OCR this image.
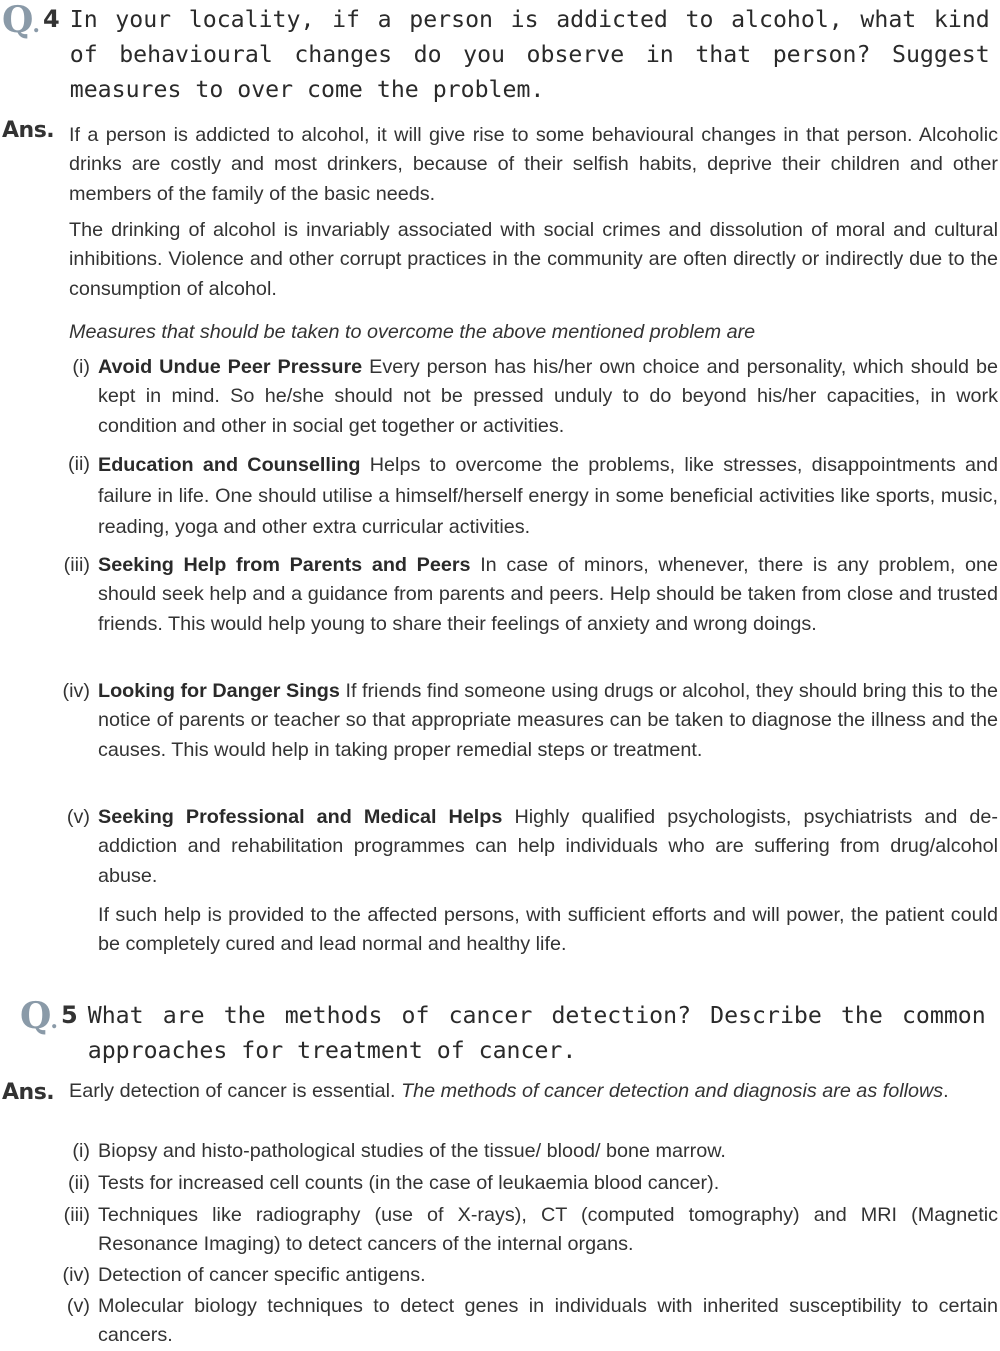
Q. 4 In your locality, if a person is addicted to alcohol, what kind of behavioural changes do you observe in that person? Suggest measures to over come the problem.
Ans. If a person is addicted to alcohol, it will give rise to some behavioural changes in that person. Alcoholic drinks are costly and most drinkers, because of their selfish habits, deprive their children and other members of the family of the basic needs.
The drinking of alcohol is invariably associated with social crimes and dissolution of moral and cultural inhibitions. Violence and other corrupt practices in the community are often directly or indirectly due to the consumption of alcohol.
Measures that should be taken to overcome the above mentioned problem are
(i) Avoid Undue Peer Pressure Every person has his/her own choice and personality, which should be kept in mind. So he/she should not be pressed unduly to do beyond his/her capacities, in work condition and other in social get together or activities.
(ii) Education and Counselling Helps to overcome the problems, like stresses, disappointments and failure in life. One should utilise a himself/herself energy in some beneficial activities like sports, music, reading, yoga and other extra curricular activities.
(iii) Seeking Help from Parents and Peers In case of minors, whenever, there is any problem, one should seek help and a guidance from parents and peers. Help should be taken from close and trusted friends. This would help young to share their feelings of anxiety and wrong doings.
(iv) Looking for Danger Sings If friends find someone using drugs or alcohol, they should bring this to the notice of parents or teacher so that appropriate measures can be taken to diagnose the illness and the causes. This would help in taking proper remedial steps or treatment.
(v) Seeking Professional and Medical Helps Highly qualified psychologists, psychiatrists and de-addiction and rehabilitation programmes can help individuals who are suffering from drug/alcohol abuse.
If such help is provided to the affected persons, with sufficient efforts and will power, the patient could be completely cured and lead normal and healthy life.
Q. 5 What are the methods of cancer detection? Describe the common approaches for treatment of cancer.
Ans. Early detection of cancer is essential. The methods of cancer detection and diagnosis are as follows.
(i) Biopsy and histo-pathological studies of the tissue/ blood/ bone marrow.
(ii) Tests for increased cell counts (in the case of leukaemia blood cancer).
(iii) Techniques like radiography (use of X-rays), CT (computed tomography) and MRI (Magnetic Resonance Imaging) to detect cancers of the internal organs.
(iv) Detection of cancer specific antigens.
(v) Molecular biology techniques to detect genes in individuals with inherited susceptibility to certain cancers.
